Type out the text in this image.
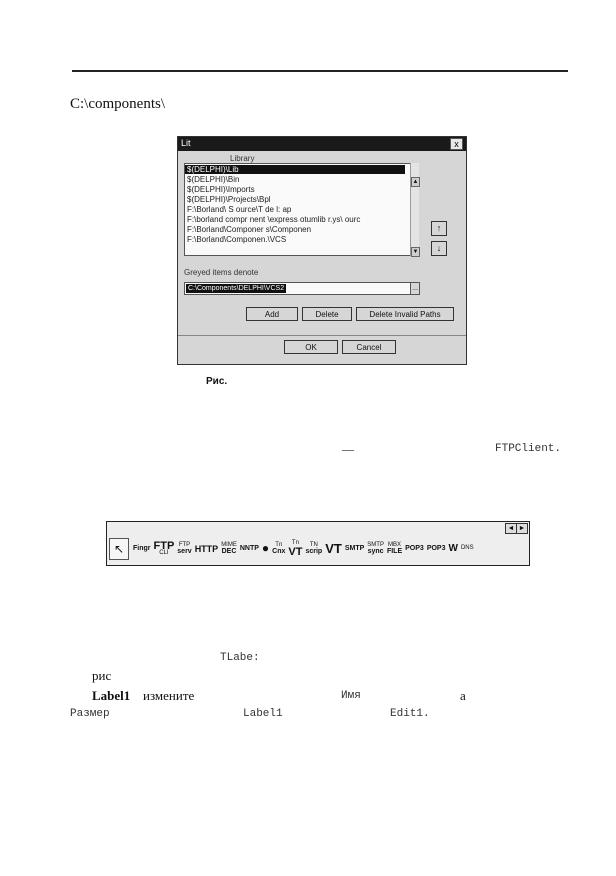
C:\components\
Lit	x
Library
$(DELPHI)\Lib
$(DELPHI)\Bin
$(DELPHI)\Imports
$(DELPHI)\Projects\Bpl
F:\Borland\ S ource\T de l: ap
F:\borland compr nent \express otumlib r.ys\ ourc
F:\Borland\Componer s\Componen
F:\Borland\Componen.\VCS
▲
▼
↑
↓
Greyed items denote
C:\Components\DELPHI\VCS2	...
Add	Delete	Delete Invalid Paths
OK	Cancel
Рис.
—	FTPClient.
◄ ►
↖	Fingr FTP
CLI
FTP
serv HTTP MIME
DEC NNTP ● Tn
Cnx
Tn
VT
TN
scrip VT SMTP SMTP
sync
MBX
FILE POP3 POP3 W DNS
TLabe:
рис
Label1 измените	Имя	а
Размер	Label1	Edit1.
